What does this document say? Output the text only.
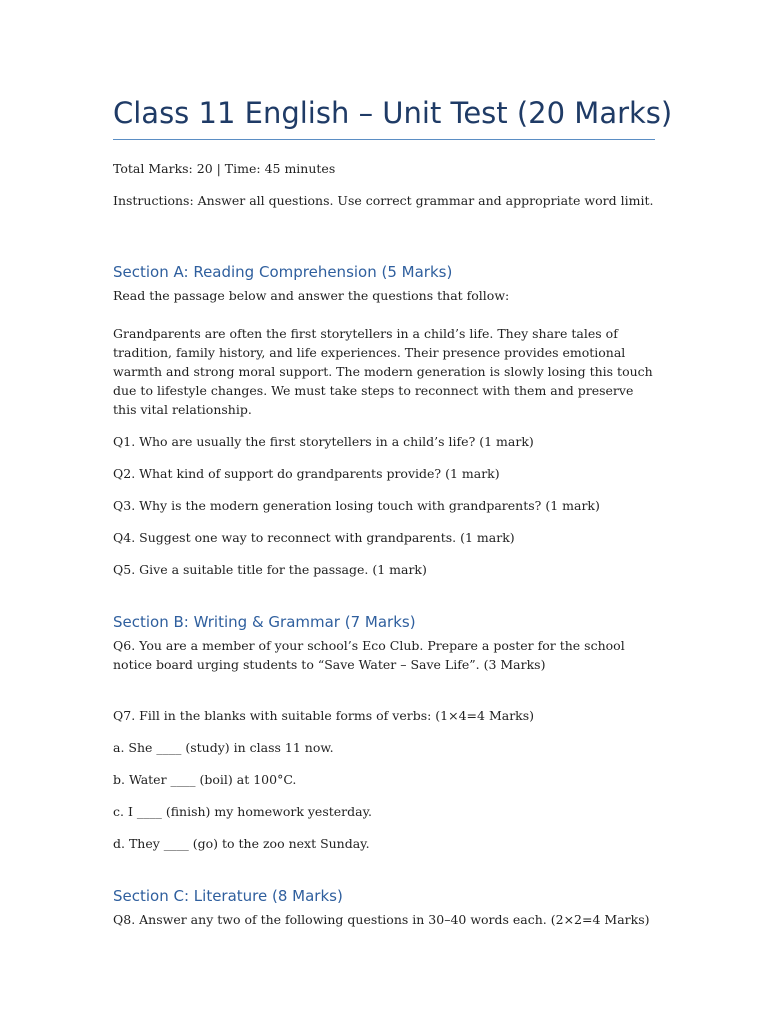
Class 11 English – Unit Test (20 Marks)
Total Marks: 20 | Time: 45 minutes
Instructions: Answer all questions. Use correct grammar and appropriate word limit.
Section A: Reading Comprehension (5 Marks)
Read the passage below and answer the questions that follow:
Grandparents are often the first storytellers in a child’s life. They share tales of tradition, family history, and life experiences. Their presence provides emotional warmth and strong moral support. The modern generation is slowly losing this touch due to lifestyle changes. We must take steps to reconnect with them and preserve this vital relationship.
Q1. Who are usually the first storytellers in a child’s life? (1 mark)
Q2. What kind of support do grandparents provide? (1 mark)
Q3. Why is the modern generation losing touch with grandparents? (1 mark)
Q4. Suggest one way to reconnect with grandparents. (1 mark)
Q5. Give a suitable title for the passage. (1 mark)
Section B: Writing & Grammar (7 Marks)
Q6. You are a member of your school’s Eco Club. Prepare a poster for the school notice board urging students to “Save Water – Save Life”. (3 Marks)
Q7. Fill in the blanks with suitable forms of verbs: (1×4=4 Marks)
a. She ____ (study) in class 11 now.
b. Water ____ (boil) at 100°C.
c. I ____ (finish) my homework yesterday.
d. They ____ (go) to the zoo next Sunday.
Section C: Literature (8 Marks)
Q8. Answer any two of the following questions in 30–40 words each. (2×2=4 Marks)
